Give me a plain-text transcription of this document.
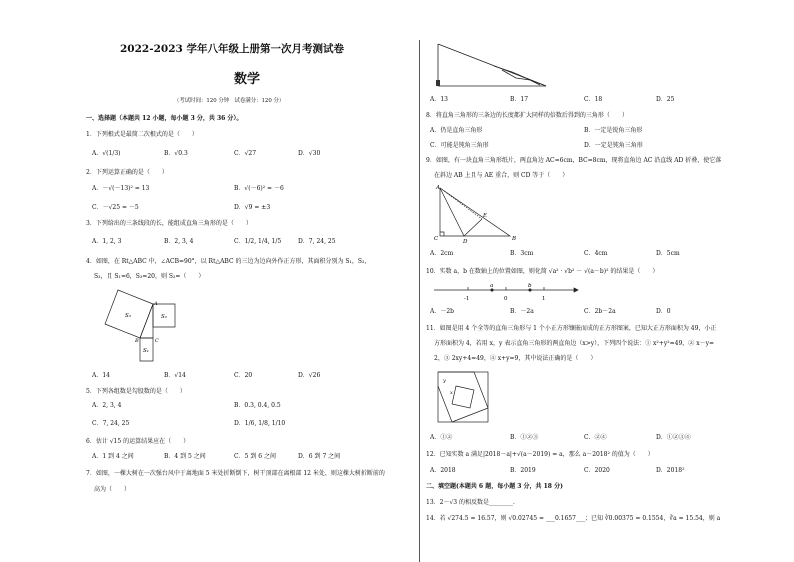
2022-2023 学年八年级上册第一次月考测试卷
数学
（考试时间：120 分钟　试卷满分：120 分）
一、选择题（本题共 12 小题，每小题 3 分，共 36 分）。
1．下列根式是最简二次根式的是（　　）
A．√(1/3)	B．√0.3	C．√27	D．√30
2．下列运算正确的是（　　）
A．－√(－13)² = 13	B．√(－6)² = －6
C．－√25 = －5	D．√9 = ±3
3．下列给出的三条线段的长，能组成直角三角形的是（　　）
A．1, 2, 3	B．2, 3, 4	C．1/2, 1/4, 1/5	D．7, 24, 25
4．如图，在 Rt△ABC 中，∠ACB=90°，以 Rt△ABC 的三边为边向外作正方形，其面积分别为 S₁，S₂，
S₃，且 S₁=6，S₃=20，则 S₂=（　　）
A
B	C
S₃	S₂
S₁
A．14	B．√14	C．20	D．√26
5．下列各组数是勾股数的是（　　）
A．2, 3, 4	B．0.3, 0.4, 0.5
C．7, 24, 25	D．1/6, 1/8, 1/10
6．估计 √15 的运算结果应在（　　）
A．1 到 4 之间	B．4 到 5 之间	C．5 到 6 之间	D．6 到 7 之间
7．如图，一棵大树在一次强台风中于离地面 5 米处折断倒下，树干顶部在离根部 12 米处，则这棵大树折断前的
高为（　　）
A．13	B．17	C．18	D．25
8．将直角三角形的三条边的长度都扩大同样的倍数后得到的三角形（　　）
A．仍是直角三角形	B．一定是锐角三角形
C．可能是钝角三角形	D．一定是钝角三角形
9．如图，有一块直角三角形纸片，两直角边 AC=6cm，BC=8cm，现将直角边 AC 沿直线 AD 折叠，使它落
在斜边 AB 上且与 AE 重合，则 CD 等于（　　）
A
C	D
E
B
A．2cm	B．3cm	C．4cm	D．5cm
10．实数 a，b 在数轴上的位置如图，则化简 √a² · √b² － √(a－b)² 的结果是（　　）
-1
a
0
b
1
A．－2b	B．－2a	C．2b－2a	D．0
11．如图是用 4 个全等的直角三角形与 1 个小正方形镶嵌而成的正方形图案，已知大正方形面积为 49，小正
方形面积为 4，若用 x，y 表示直角三角形的两直角边（x>y），下列四个说法：① x²+y²=49，② x－y=
2，③ 2xy+4=49，④ x+y=9，其中说法正确的是（　　）
y
x
A．①②	B．①②③	C．②④	D．①②③④
12．已知实数 a 满足|2018－a|+√(a－2019) = a，那么 a－2018² 的值为（　　）
A．2018	B．2019	C．2020	D．2018²
二、填空题(本题共 6 题，每小题 3 分，共 18 分)
13．2－√3 的相反数是________.
14．若 √274.5 = 16.57，则 √0.02745 = ___0.1657___；已知 ∛0.00375 = 0.1554，∛a = 15.54，则 a
